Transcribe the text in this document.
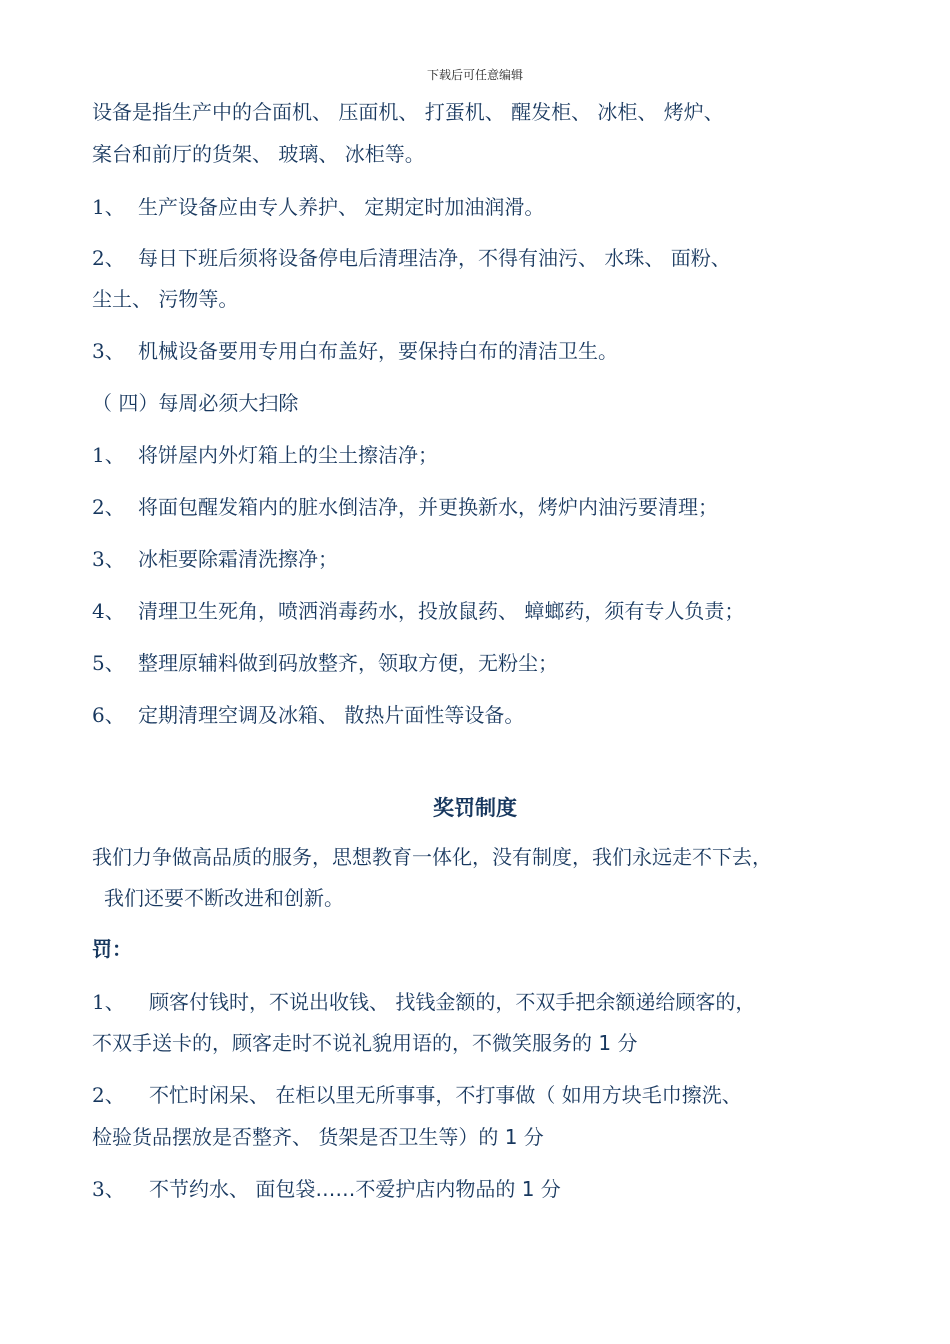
下载后可任意编辑
设备是指生产中的合面机、 压面机、 打蛋机、 醒发柜、 冰柜、 烤炉、
案台和前厅的货架、 玻璃、 冰柜等。
1、 生产设备应由专人养护、 定期定时加油润滑。
2、 每日下班后须将设备停电后清理洁净，不得有油污、 水珠、 面粉、
尘土、 污物等。
3、 机械设备要用专用白布盖好，要保持白布的清洁卫生。
（ 四）每周必须大扫除
1、 将饼屋内外灯箱上的尘土擦洁净；
2、 将面包醒发箱内的脏水倒洁净，并更换新水，烤炉内油污要清理；
3、 冰柜要除霜清洗擦净；
4、 清理卫生死角，喷洒消毒药水，投放鼠药、 蟑螂药，须有专人负责；
5、 整理原辅料做到码放整齐，领取方便，无粉尘；
6、 定期清理空调及冰箱、 散热片面性等设备。
奖罚制度
我们力争做高品质的服务，思想教育一体化，没有制度，我们永远走不下去，
我们还要不断改进和创新。
罚：
1、 顾客付钱时，不说出收钱、 找钱金额的，不双手把余额递给顾客的，
不双手送卡的，顾客走时不说礼貌用语的，不微笑服务的 1 分
2、 不忙时闲呆、 在柜以里无所事事，不打事做（ 如用方块毛巾擦洗、
检验货品摆放是否整齐、 货架是否卫生等）的 1 分
3、 不节约水、 面包袋……不爱护店内物品的 1 分
